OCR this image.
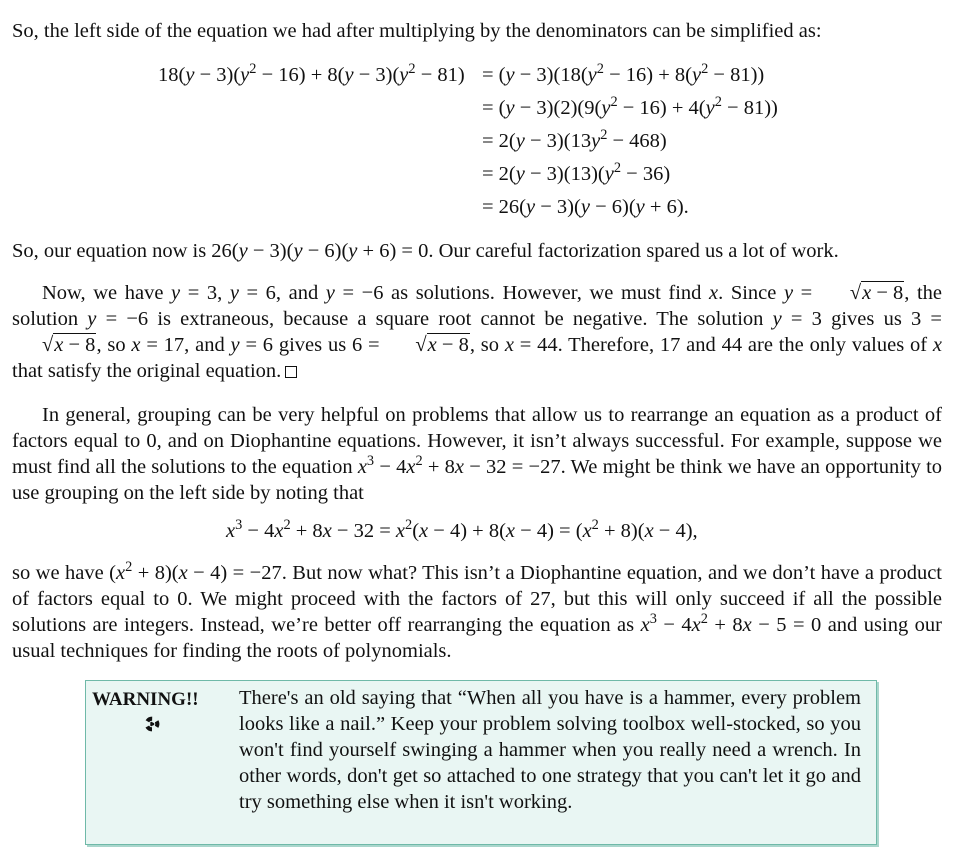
So, the left side of the equation we had after multiplying by the denominators can be simplified as:
$18(y - 3)(y^2 - 16) + 8(y - 3)(y^2 - 81) = (y - 3)(18(y^2 - 16) + 8(y^2 - 81))$
= $(y - 3)(2)(9(y^2 - 16) + 4(y^2 - 81))$
= $2(y - 3)(13y^2 - 468)$
= $2(y - 3)(13)(y^2 - 36)$
= 26(y − 3)(y − 6)(y + 6).
So, our equation now is 26(y − 3)(y − 6)(y + 6) = 0. Our careful factorization spared us a lot of work.
Now, we have y = 3, y = 6, and y = −6 as solutions. However, we must find x. Since y = √x − 8, the solution y = −6 is extraneous, because a square root cannot be negative. The solution y = 3 gives us 3 = √x − 8, so x = 17, and y = 6 gives us 6 = √x − 8, so x = 44. Therefore, 17 and 44 are the only values of x that satisfy the original equation.
In general, grouping can be very helpful on problems that allow us to rearrange an equation as a product of factors equal to 0, and on Diophantine equations. However, it isn’t always successful. For example, suppose we must find all the solutions to the equation $x^3 - 4x^2 + 8x - 32 = -27$. We might be think we have an opportunity to use grouping on the left side by noting that
$x^3 - 4x^2 + 8x - 32 = x^2(x - 4) + 8(x - 4) = (x^2 + 8)(x - 4)$,
so we have $(x^2 + 8)(x - 4) = -27$. But now what? This isn’t a Diophantine equation, and we don’t have a product of factors equal to 0. We might proceed with the factors of 27, but this will only succeed if all the possible solutions are integers. Instead, we’re better off rearranging the equation as $x^3 - 4x^2 + 8x - 5 = 0$ and using our usual techniques for finding the roots of polynomials.
WARNING!! There's an old saying that “When all you have is a hammer, every problem looks like a nail.” Keep your problem solving toolbox well-stocked, so you won't find yourself swinging a hammer when you really need a wrench. In other words, don't get so attached to one strategy that you can't let it go and try something else when it isn't working.
